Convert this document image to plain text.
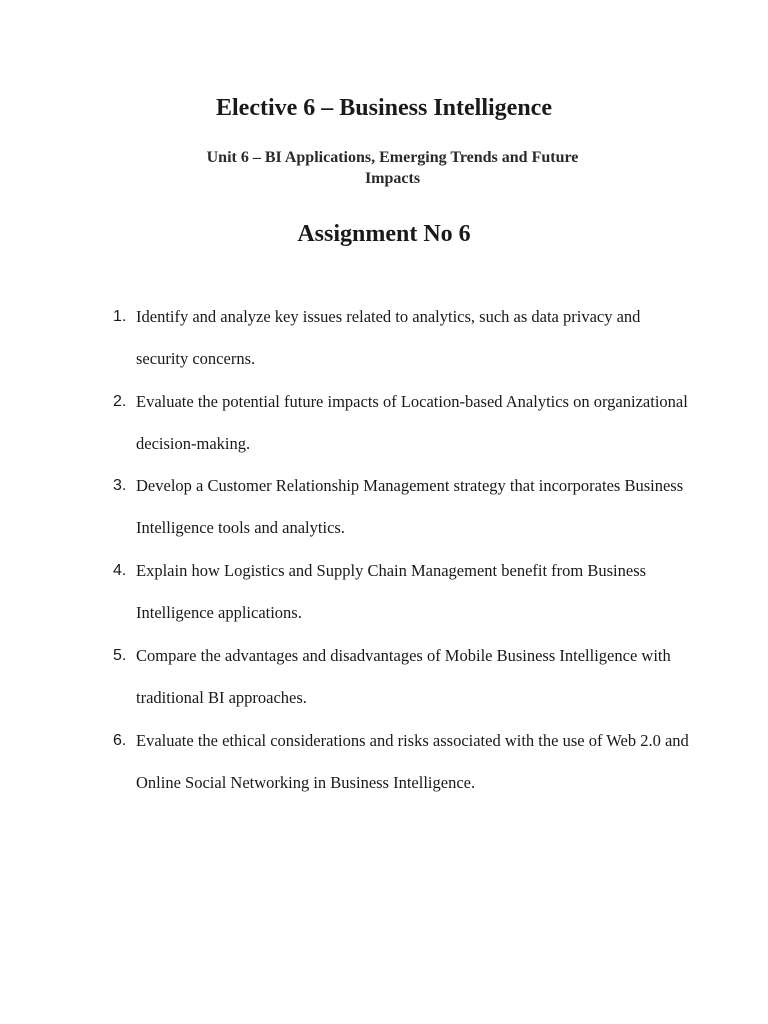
Elective 6 – Business Intelligence
Unit 6 – BI Applications, Emerging Trends and Future Impacts
Assignment No 6
1. Identify and analyze key issues related to analytics, such as data privacy and security concerns.
2. Evaluate the potential future impacts of Location-based Analytics on organizational decision-making.
3. Develop a Customer Relationship Management strategy that incorporates Business Intelligence tools and analytics.
4. Explain how Logistics and Supply Chain Management benefit from Business Intelligence applications.
5. Compare the advantages and disadvantages of Mobile Business Intelligence with traditional BI approaches.
6. Evaluate the ethical considerations and risks associated with the use of Web 2.0 and Online Social Networking in Business Intelligence.
